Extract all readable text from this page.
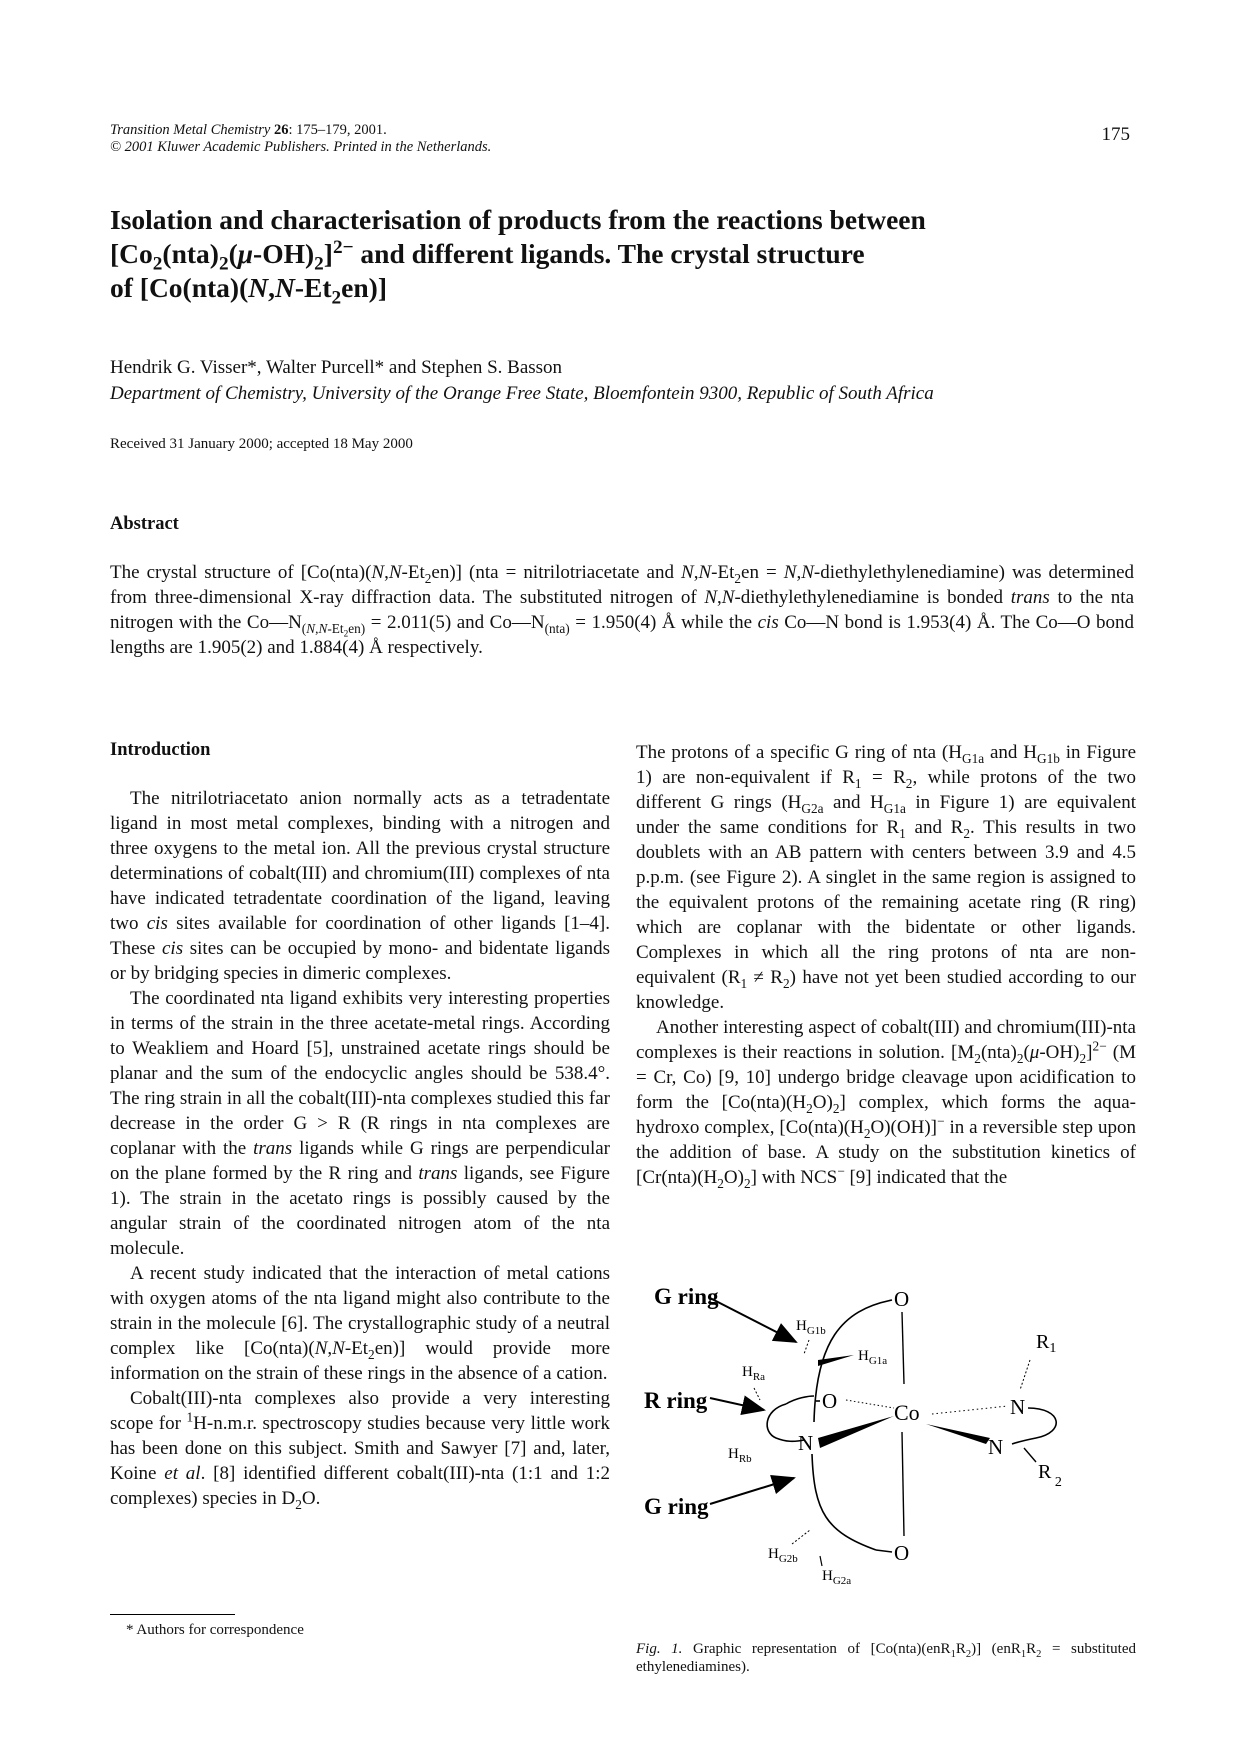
Transition Metal Chemistry 26: 175–179, 2001.
© 2001 Kluwer Academic Publishers. Printed in the Netherlands.
175
Isolation and characterisation of products from the reactions between
$[Co_2(nta)_2(\mu-OH)_2]^{2-}$ and different ligands. The crystal structure
of $[Co(nta)(N,N-Et_2en)]$
Hendrik G. Visser*, Walter Purcell* and Stephen S. Basson
Department of Chemistry, University of the Orange Free State, Bloemfontein 9300, Republic of South Africa
Received 31 January 2000; accepted 18 May 2000
Abstract
The crystal structure of $[Co(nta)(N,N-Et_2en)] (nta$ = nitrilotriacetate and $N,N-Et_2en$ = N,N-diethylethylenediamine) was determined from three-dimensional X-ray diffraction data. The substituted nitrogen of N,N-diethylethylenediamine is bonded trans to the nta nitrogen with the $Co—N_{(N,N-Et_2en)} = 2.011(5)$ and $Co—N_{(nta)} = 1.950(4)$ Å while the cis Co—N bond is 1.953(4) Å. The Co—O bond lengths are 1.905(2) and 1.884(4) Å respectively.
Introduction

The nitrilotriacetato anion normally acts as a tetradentate ligand in most metal complexes, binding with a nitrogen and three oxygens to the metal ion. All the previous crystal structure determinations of cobalt(III) and chromium(III) complexes of nta have indicated tetradentate coordination of the ligand, leaving two cis sites available for coordination of other ligands [1–4]. These cis sites can be occupied by mono- and bidentate ligands or by bridging species in dimeric complexes.

The coordinated nta ligand exhibits very interesting properties in terms of the strain in the three acetate-metal rings. According to Weakliem and Hoard [5], unstrained acetate rings should be planar and the sum of the endocyclic angles should be 538.4°. The ring strain in all the cobalt(III)-nta complexes studied this far decrease in the order G > R (R rings in nta complexes are coplanar with the trans ligands while G rings are perpendicular on the plane formed by the R ring and trans ligands, see Figure 1). The strain in the acetato rings is possibly caused by the angular strain of the coordinated nitrogen atom of the nta molecule.

A recent study indicated that the interaction of metal cations with oxygen atoms of the nta ligand might also contribute to the strain in the molecule [6]. The crystallographic study of a neutral complex like $[Co(nta)(N,N-Et_2en)]$ would provide more information on the strain of these rings in the absence of a cation.

Cobalt(III)-nta complexes also provide a very interesting scope for $^1$H-n.m.r. spectroscopy studies because very little work has been done on this subject. Smith and Sawyer [7] and, later, Koine et al. [8] identified different cobalt(III)-nta (1:1 and 1:2 complexes) species in $D_2O$.

The protons of a specific G ring of nta ($H_{G1a}$ and $H_{G1b}$ in Figure 1) are non-equivalent if $R_1 = R_2$, while protons of the two different G rings ($H_{G2a}$ and $H_{G1a}$ in Figure 1) are equivalent under the same conditions for $R_1$ and $R_2$. This results in two doublets with an AB pattern with centers between 3.9 and 4.5 p.p.m. (see Figure 2). A singlet in the same region is assigned to the equivalent protons of the remaining acetate ring (R ring) which are coplanar with the bidentate or other ligands. Complexes in which all the ring protons of nta are non-equivalent $(R_1 \ne R_2)$ have not yet been studied according to our knowledge.

Another interesting aspect of cobalt(III) and chromium(III)-nta complexes is their reactions in solution. $[M_2(nta)_2(\mu-OH)_2]^{2-}$ (M = Cr, Co) [9, 10] undergo bridge cleavage upon acidification to form the $[Co(nta)(H_2O)_2]$ complex, which forms the aqua-hydroxo complex, $[Co(nta)(H_2O)(OH)]^-$ in a reversible step upon the addition of base. A study on the substitution kinetics of $[Cr(nta)(H_2O)_2]$ with NCS− [9] indicated that the

G ring
R ring
G ring
O
$H_{G1b}$
$H_{G1a}$
$H_{Ra}$
$H_{Rb}$
O	Co
N
O
$H_{G2b}$
$H_{G2a}$
N
N
$R_1$
R $_2$
Fig. 1. Graphic representation of $[Co(nta)(enR_1R_2)] (enR_1R_2$ = substituted ethylenediamines).
* Authors for correspondence
